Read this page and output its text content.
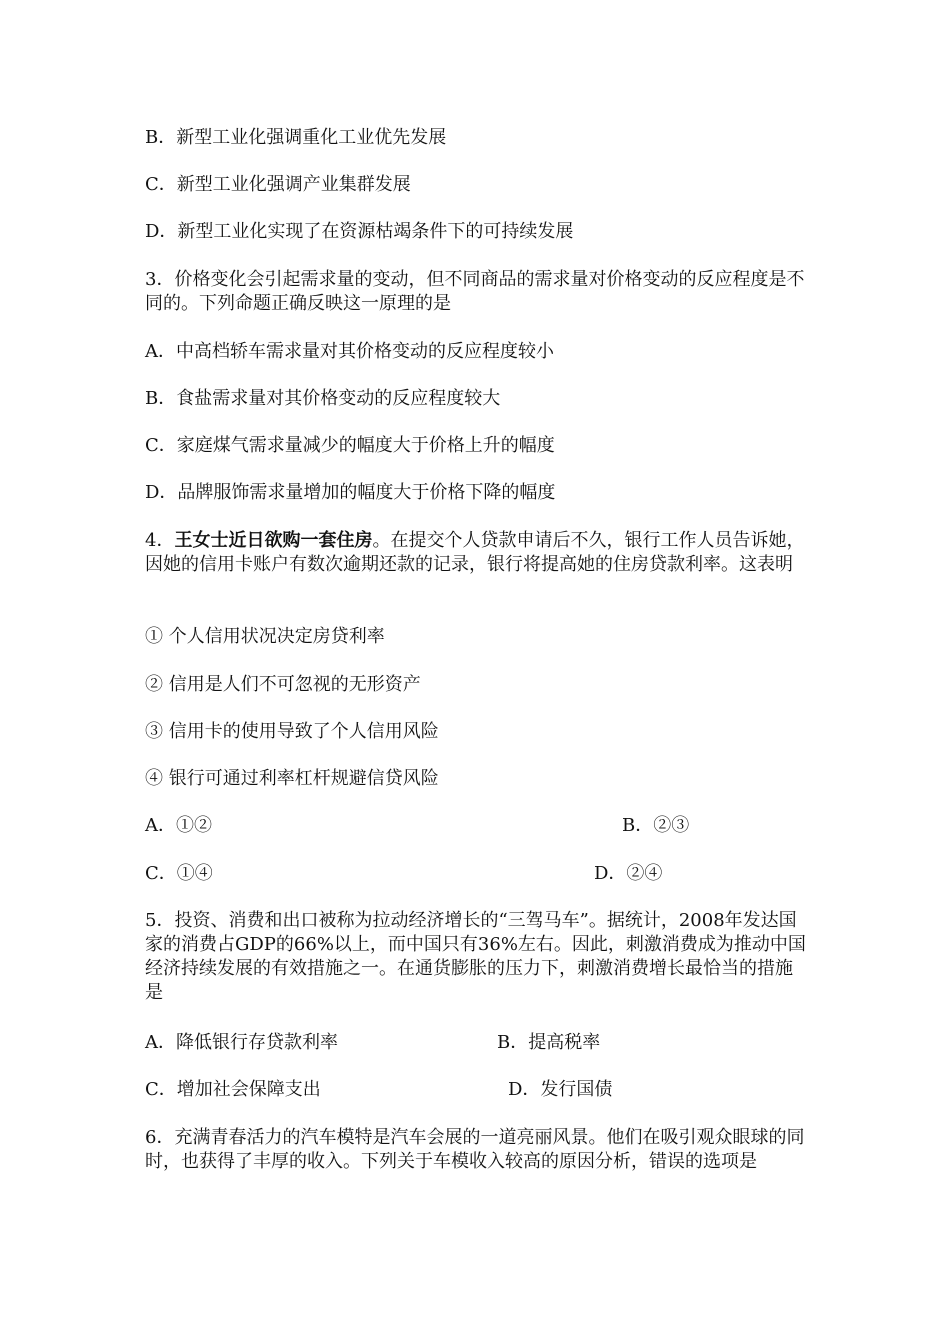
B．新型工业化强调重化工业优先发展
C．新型工业化强调产业集群发展
D．新型工业化实现了在资源枯竭条件下的可持续发展
3．价格变化会引起需求量的变动，但不同商品的需求量对价格变动的反应程度是不同的。下列命题正确反映这一原理的是
A．中高档轿车需求量对其价格变动的反应程度较小
B．食盐需求量对其价格变动的反应程度较大
C．家庭煤气需求量减少的幅度大于价格上升的幅度
D．品牌服饰需求量增加的幅度大于价格下降的幅度
4．王女士近日欲购一套住房。在提交个人贷款申请后不久，银行工作人员告诉她，因她的信用卡账户有数次逾期还款的记录，银行将提高她的住房贷款利率。这表明
① 个人信用状况决定房贷利率
② 信用是人们不可忽视的无形资产
③ 信用卡的使用导致了个人信用风险
④ 银行可通过利率杠杆规避信贷风险
A．①②	B．②③
C．①④	D．②④
5．投资、消费和出口被称为拉动经济增长的“三驾马车”。据统计，2008年发达国家的消费占GDP的66%以上，而中国只有36%左右。因此，刺激消费成为推动中国经济持续发展的有效措施之一。在通货膨胀的压力下，刺激消费增长最恰当的措施是
A．降低银行存贷款利率	B．提高税率
C．增加社会保障支出	D．发行国债
6．充满青春活力的汽车模特是汽车会展的一道亮丽风景。他们在吸引观众眼球的同时，也获得了丰厚的收入。下列关于车模收入较高的原因分析，错误的选项是
